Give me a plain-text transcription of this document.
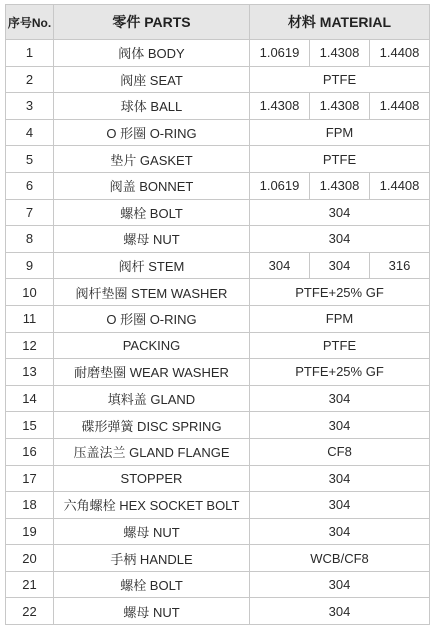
序号No.	零件 PARTS	材料 MATERIAL		
1	阀体 BODY	1.0619	1.4308	1.4408
2	阀座 SEAT	PTFE		
3	球体 BALL	1.4308	1.4308	1.4408
4	O 形圈 O-RING	FPM		
5	垫片 GASKET	PTFE		
6	阀盖 BONNET	1.0619	1.4308	1.4408
7	螺栓 BOLT	304		
8	螺母 NUT	304		
9	阀杆 STEM	304	304	316
10	阀杆垫圈 STEM WASHER	PTFE+25% GF		
11	O 形圈 O-RING	FPM		
12	PACKING	PTFE		
13	耐磨垫圈 WEAR WASHER	PTFE+25% GF		
14	填料盖 GLAND	304		
15	碟形弹簧 DISC SPRING	304		
16	压盖法兰 GLAND FLANGE	CF8		
17	STOPPER	304		
18	六角螺栓 HEX SOCKET BOLT	304		
19	螺母 NUT	304		
20	手柄 HANDLE	WCB/CF8		
21	螺栓 BOLT	304		
22	螺母 NUT	304		
